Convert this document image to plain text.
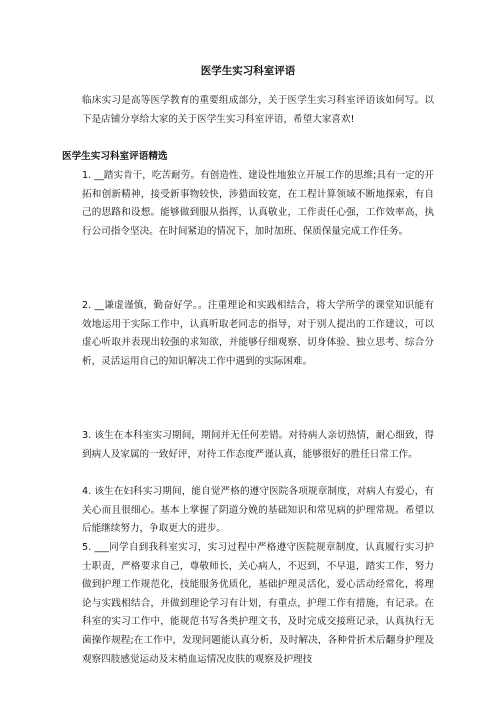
医学生实习科室评语
临床实习是高等医学教育的重要组成部分，关于医学生实习科室评语该如何写。以下是店铺分享给大家的关于医学生实习科室评语，希望大家喜欢!
医学生实习科室评语精选
1. __踏实肯干，吃苦耐劳。有创造性、建设性地独立开展工作的思维;具有一定的开拓和创新精神，接受新事物较快，涉猎面较宽，在工程计算领域不断地探索，有自己的思路和设想。能够做到服从指挥，认真敬业，工作责任心强，工作效率高，执行公司指令坚决。在时间紧迫的情况下，加时加班、保质保量完成工作任务。
2. __谦虚谨慎，勤奋好学。。注重理论和实践相结合，将大学所学的课堂知识能有效地运用于实际工作中，认真听取老同志的指导，对于别人提出的工作建议，可以虚心听取并表现出较强的求知欲，并能够仔细观察、切身体验、独立思考、综合分析，灵活运用自己的知识解决工作中遇到的实际困难。
3. 该生在本科室实习期间，期间并无任何差错。对待病人亲切热情，耐心细致，得到病人及家属的一致好评，对待工作态度严谨认真，能够很好的胜任日常工作。
4. 该生在妇科实习期间，能自觉严格的遵守医院各项规章制度，对病人有爱心，有关心而且很细心。基本上掌握了阴道分娩的基础知识和常见病的护理常规。希望以后能继续努力，争取更大的进步。
5. ___同学自到我科室实习，实习过程中严格遵守医院规章制度，认真履行实习护士职责，严格要求自己，尊敬师长，关心病人，不迟到，不早退，踏实工作，努力做到护理工作规范化，技能服务优质化，基础护理灵活化，爱心活动经常化，将理论与实践相结合，并做到理论学习有计划，有重点，护理工作有措施，有记录。在科室的实习工作中，能规范书写各类护理文书，及时完成交接班记录，认真执行无菌操作规程;在工作中，发现问题能认真分析，及时解决，各种骨折术后翻身护理及观察四肢感觉运动及末梢血运情况皮肤的观察及护理技
